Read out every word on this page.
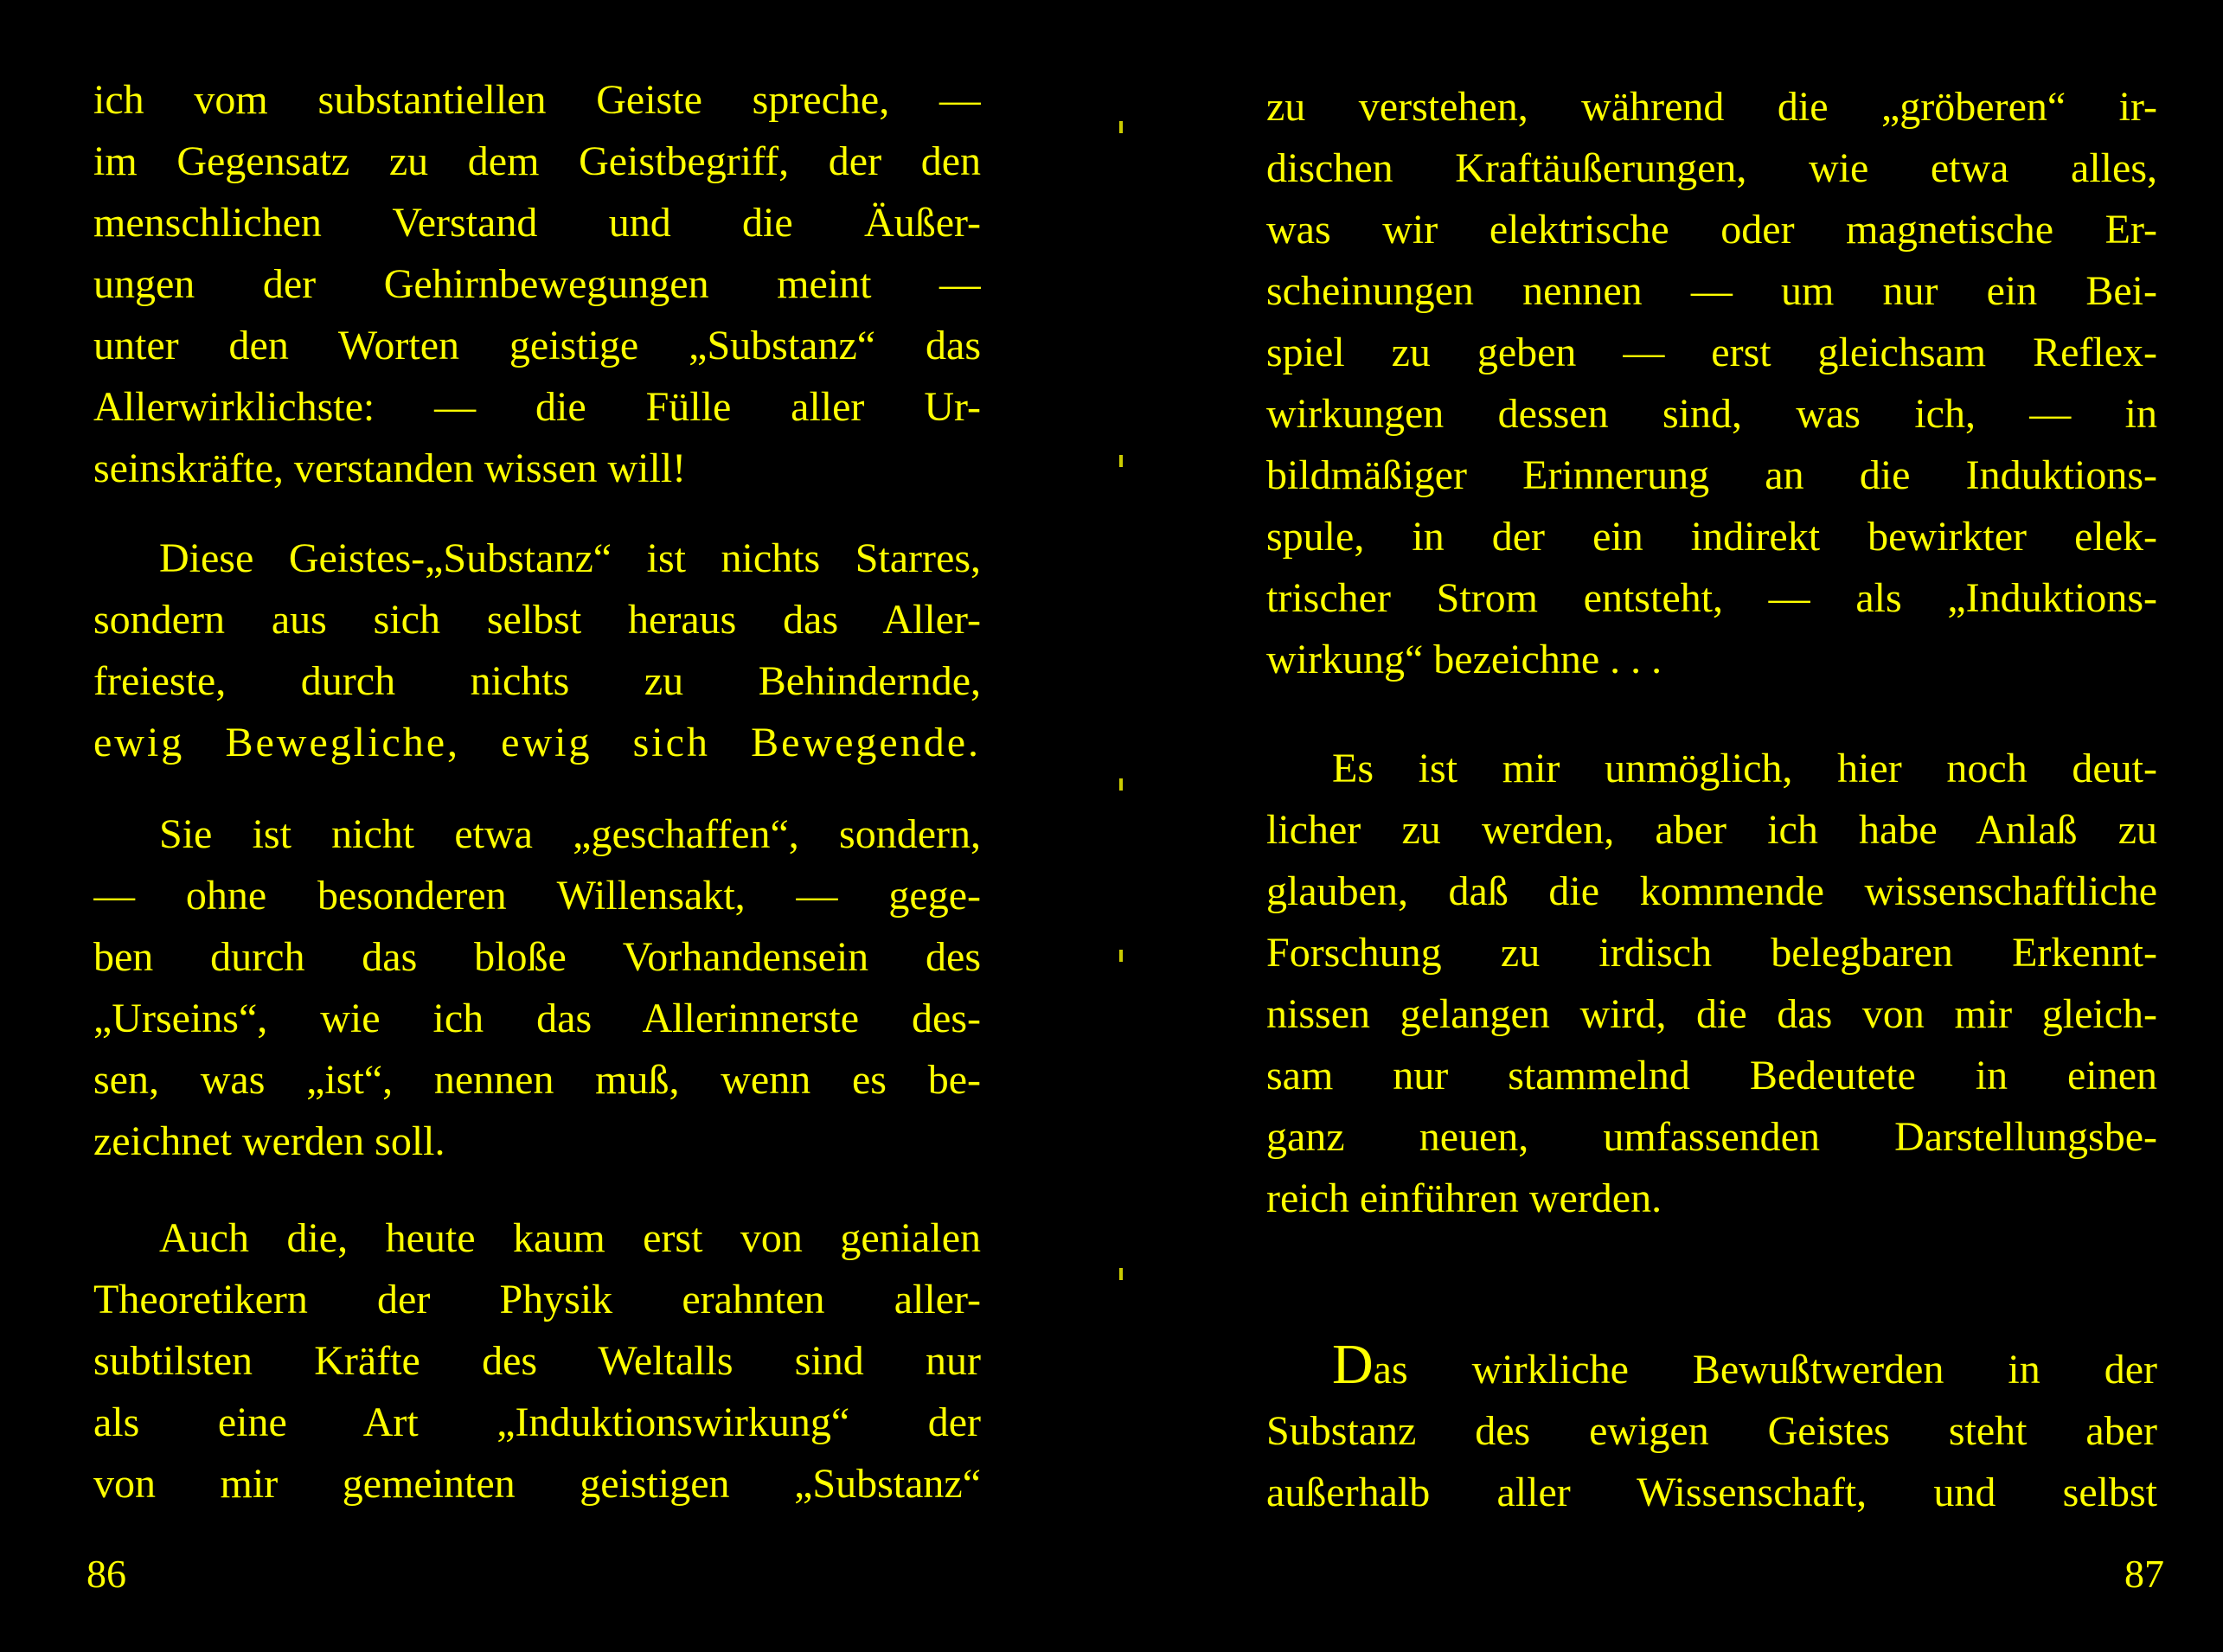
ich vom substantiellen Geiste spreche, —
im Gegensatz zu dem Geistbegriff, der den
menschlichen Verstand und die Äußer-
ungen der Gehirnbewegungen meint —
unter den Worten geistige „Substanz“ das
Allerwirklichste: — die Fülle aller Ur-
seinskräfte, verstanden wissen will!
Diese Geistes-„Substanz“ ist nichts Starres,
sondern aus sich selbst heraus das Aller-
freieste, durch nichts zu Behindernde,
ewig Bewegliche, ewig sich Bewegende.
Sie ist nicht etwa „geschaffen“, sondern,
— ohne besonderen Willensakt, — gege-
ben durch das bloße Vorhandensein des
„Urseins“, wie ich das Allerinnerste des-
sen, was „ist“, nennen muß, wenn es be-
zeichnet werden soll.
Auch die, heute kaum erst von genialen
Theoretikern der Physik erahnten aller-
subtilsten Kräfte des Weltalls sind nur
als eine Art „Induktionswirkung“ der
von mir gemeinten geistigen „Substanz“
86
zu verstehen, während die „gröberen“ ir-
dischen Kraftäußerungen, wie etwa alles,
was wir elektrische oder magnetische Er-
scheinungen nennen — um nur ein Bei-
spiel zu geben — erst gleichsam Reflex-
wirkungen dessen sind, was ich, — in
bildmäßiger Erinnerung an die Induktions-
spule, in der ein indirekt bewirkter elek-
trischer Strom entsteht, — als „Induktions-
wirkung“ bezeichne . . .
Es ist mir unmöglich, hier noch deut-
licher zu werden, aber ich habe Anlaß zu
glauben, daß die kommende wissenschaftliche
Forschung zu irdisch belegbaren Erkennt-
nissen gelangen wird, die das von mir gleich-
sam nur stammelnd Bedeutete in einen
ganz neuen, umfassenden Darstellungsbe-
reich einführen werden.
Das wirkliche Bewußtwerden in der
Substanz des ewigen Geistes steht aber
außerhalb aller Wissenschaft, und selbst
87
